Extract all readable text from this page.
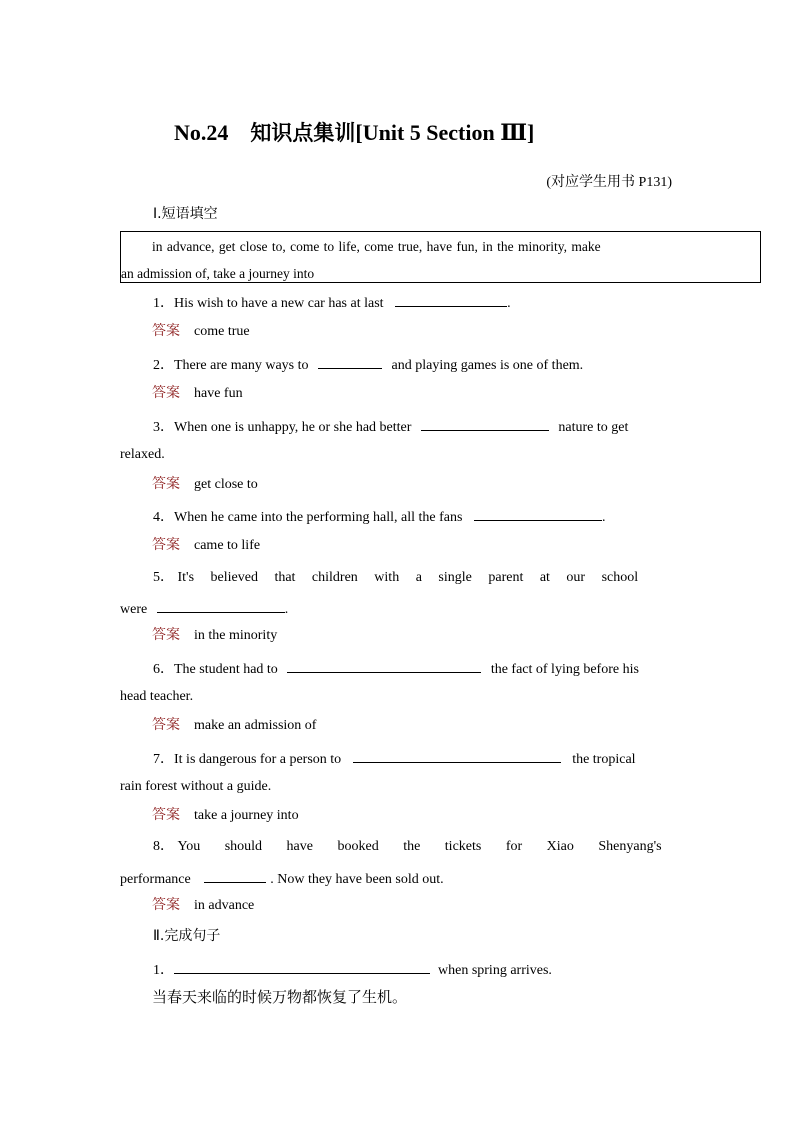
No.24 知识点集训[Unit 5 Section Ⅲ]
(对应学生用书 P131)
Ⅰ.短语填空
in advance, get close to, come to life, come true, have fun, in the minority, make
an admission of, take a journey into
1．His wish to have a new car has at last	.
答案 come true
2．There are many ways to	and playing games is one of them.
答案 have fun
3．When one is unhappy, he or she had better	nature to get
relaxed.
答案 get close to
4．When he came into the performing hall, all the fans	.
答案 came to life
5． It's believed that children with a single parent at our school
were	.
答案 in the minority
6．The student had to	the fact of lying before his
head teacher.
答案 make an admission of
7．It is dangerous for a person to	the tropical
rain forest without a guide.
答案 take a journey into
8． You should have booked the tickets for Xiao Shenyang's
performance	. Now they have been sold out.
答案 in advance
Ⅱ.完成句子
1．	when spring arrives.
当春天来临的时候万物都恢复了生机。
